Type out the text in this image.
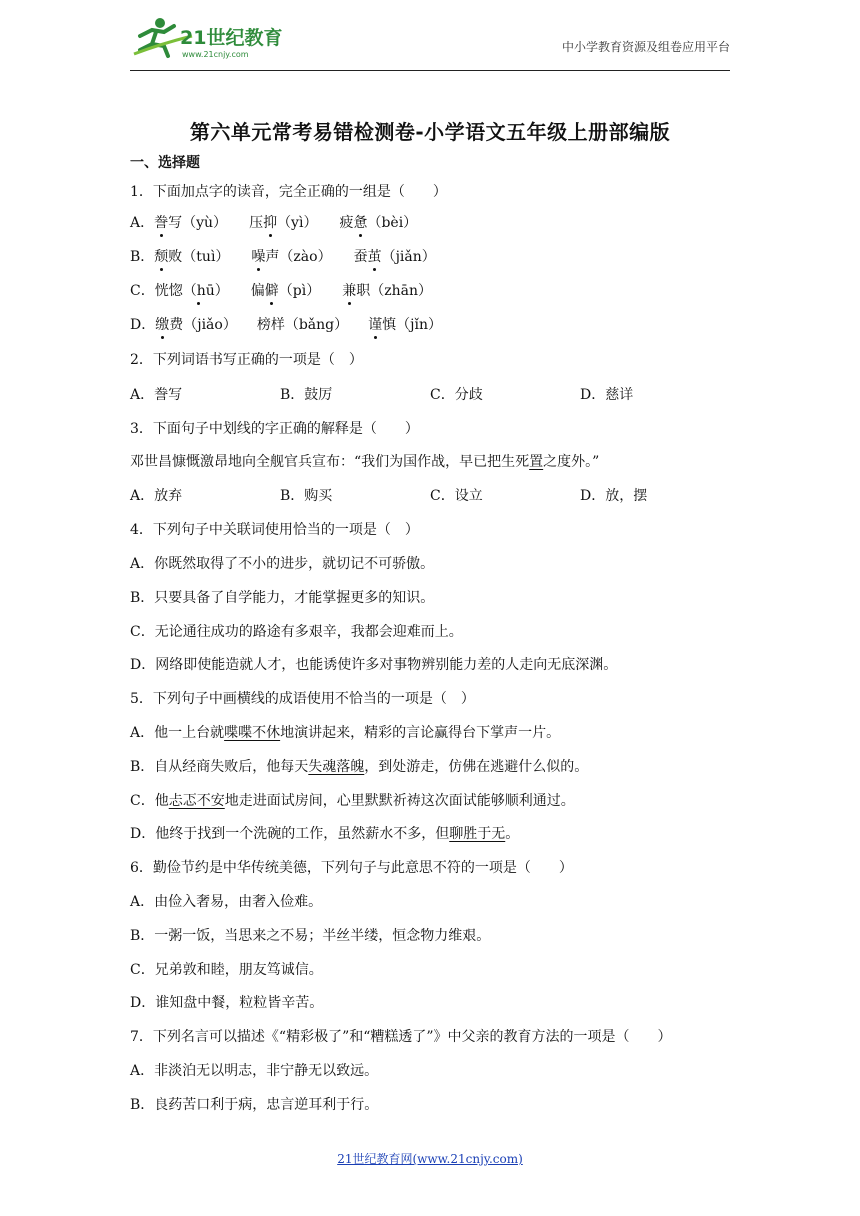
21世纪教育
www.21cnjy.com
中小学教育资源及组卷应用平台
第六单元常考易错检测卷-小学语文五年级上册部编版
一、选择题
1．下面加点字的读音，完全正确的一组是（　　）
A．誊写（yù） 压抑（yì） 疲惫（bèi）
B．颓败（tuì） 噪声（zào） 蚕茧（jiǎn）
C．恍惚（hū） 偏僻（pì） 兼职（zhān）
D．缴费（jiǎo） 榜样（bǎng） 谨慎（jǐn）
2．下列词语书写正确的一项是（　）
A．誊写	B．鼓厉	C．分歧	D．慈详
3．下面句子中划线的字正确的解释是（　　）
邓世昌慷慨激昂地向全舰官兵宣布：“我们为国作战，早已把生死置之度外。”
A．放弃	B．购买	C．设立	D．放，摆
4．下列句子中关联词使用恰当的一项是（　）
A．你既然取得了不小的进步，就切记不可骄傲。
B．只要具备了自学能力，才能掌握更多的知识。
C．无论通往成功的路途有多艰辛，我都会迎难而上。
D．网络即使能造就人才，也能诱使许多对事物辨别能力差的人走向无底深渊。
5．下列句子中画横线的成语使用不恰当的一项是（　）
A．他一上台就喋喋不休地演讲起来，精彩的言论赢得台下掌声一片。
B．自从经商失败后，他每天失魂落魄，到处游走，仿佛在逃避什么似的。
C．他忐忑不安地走进面试房间，心里默默祈祷这次面试能够顺利通过。
D．他终于找到一个洗碗的工作，虽然薪水不多，但聊胜于无。
6．勤俭节约是中华传统美德，下列句子与此意思不符的一项是（　　）
A．由俭入奢易，由奢入俭难。
B．一粥一饭，当思来之不易；半丝半缕，恒念物力维艰。
C．兄弟敦和睦，朋友笃诚信。
D．谁知盘中餐，粒粒皆辛苦。
7．下列名言可以描述《“精彩极了”和“糟糕透了”》中父亲的教育方法的一项是（　　）
A．非淡泊无以明志，非宁静无以致远。
B．良药苦口利于病，忠言逆耳利于行。
21世纪教育网(www.21cnjy.com)
